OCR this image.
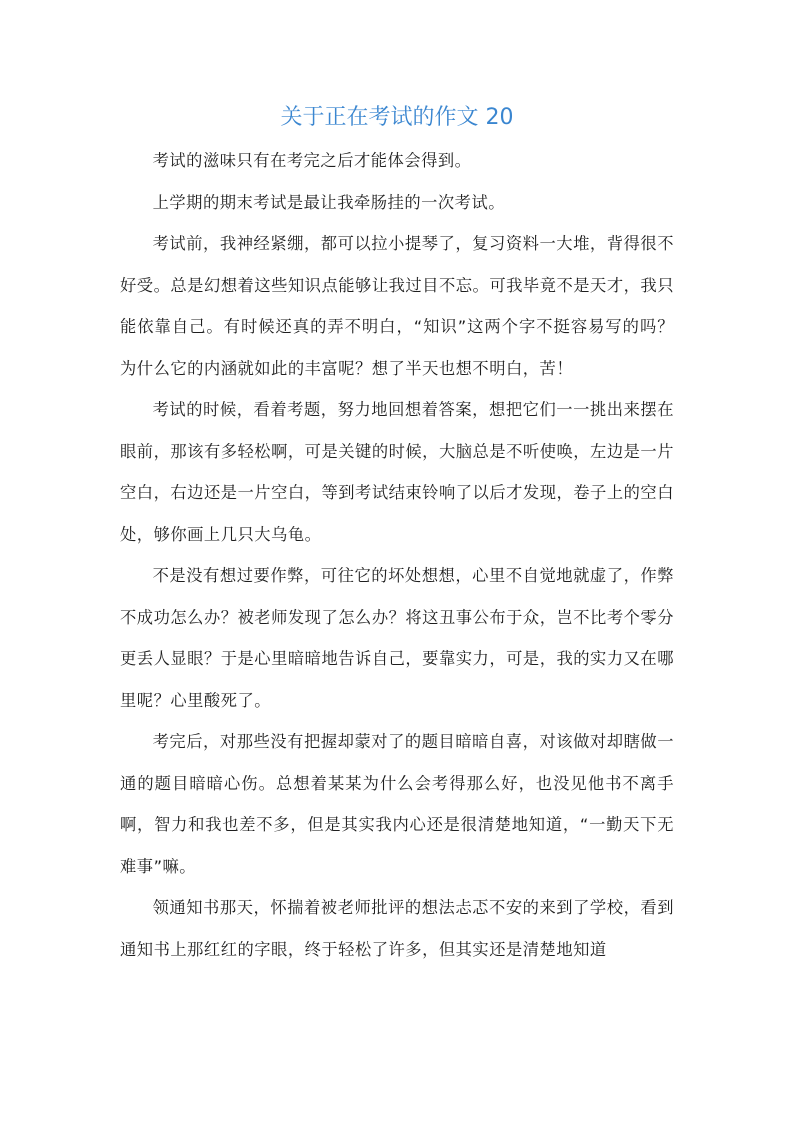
关于正在考试的作文 20

考试的滋味只有在考完之后才能体会得到。

上学期的期末考试是最让我牵肠挂的一次考试。

考试前，我神经紧绷，都可以拉小提琴了，复习资料一大堆，背得很不好受。总是幻想着这些知识点能够让我过目不忘。可我毕竟不是天才，我只能依靠自己。有时候还真的弄不明白，“知识”这两个字不挺容易写的吗？为什么它的内涵就如此的丰富呢？想了半天也想不明白，苦！

考试的时候，看着考题，努力地回想着答案，想把它们一一挑出来摆在眼前，那该有多轻松啊，可是关键的时候，大脑总是不听使唤，左边是一片空白，右边还是一片空白，等到考试结束铃响了以后才发现，卷子上的空白处，够你画上几只大乌龟。

不是没有想过要作弊，可往它的坏处想想，心里不自觉地就虚了，作弊不成功怎么办？被老师发现了怎么办？将这丑事公布于众，岂不比考个零分更丢人显眼？于是心里暗暗地告诉自己，要靠实力，可是，我的实力又在哪里呢？心里酸死了。

考完后，对那些没有把握却蒙对了的题目暗暗自喜，对该做对却瞎做一通的题目暗暗心伤。总想着某某为什么会考得那么好，也没见他书不离手啊，智力和我也差不多，但是其实我内心还是很清楚地知道，“一勤天下无难事”嘛。

领通知书那天，怀揣着被老师批评的想法忐忑不安的来到了学校，看到通知书上那红红的字眼，终于轻松了许多，但其实还是清楚地知道
